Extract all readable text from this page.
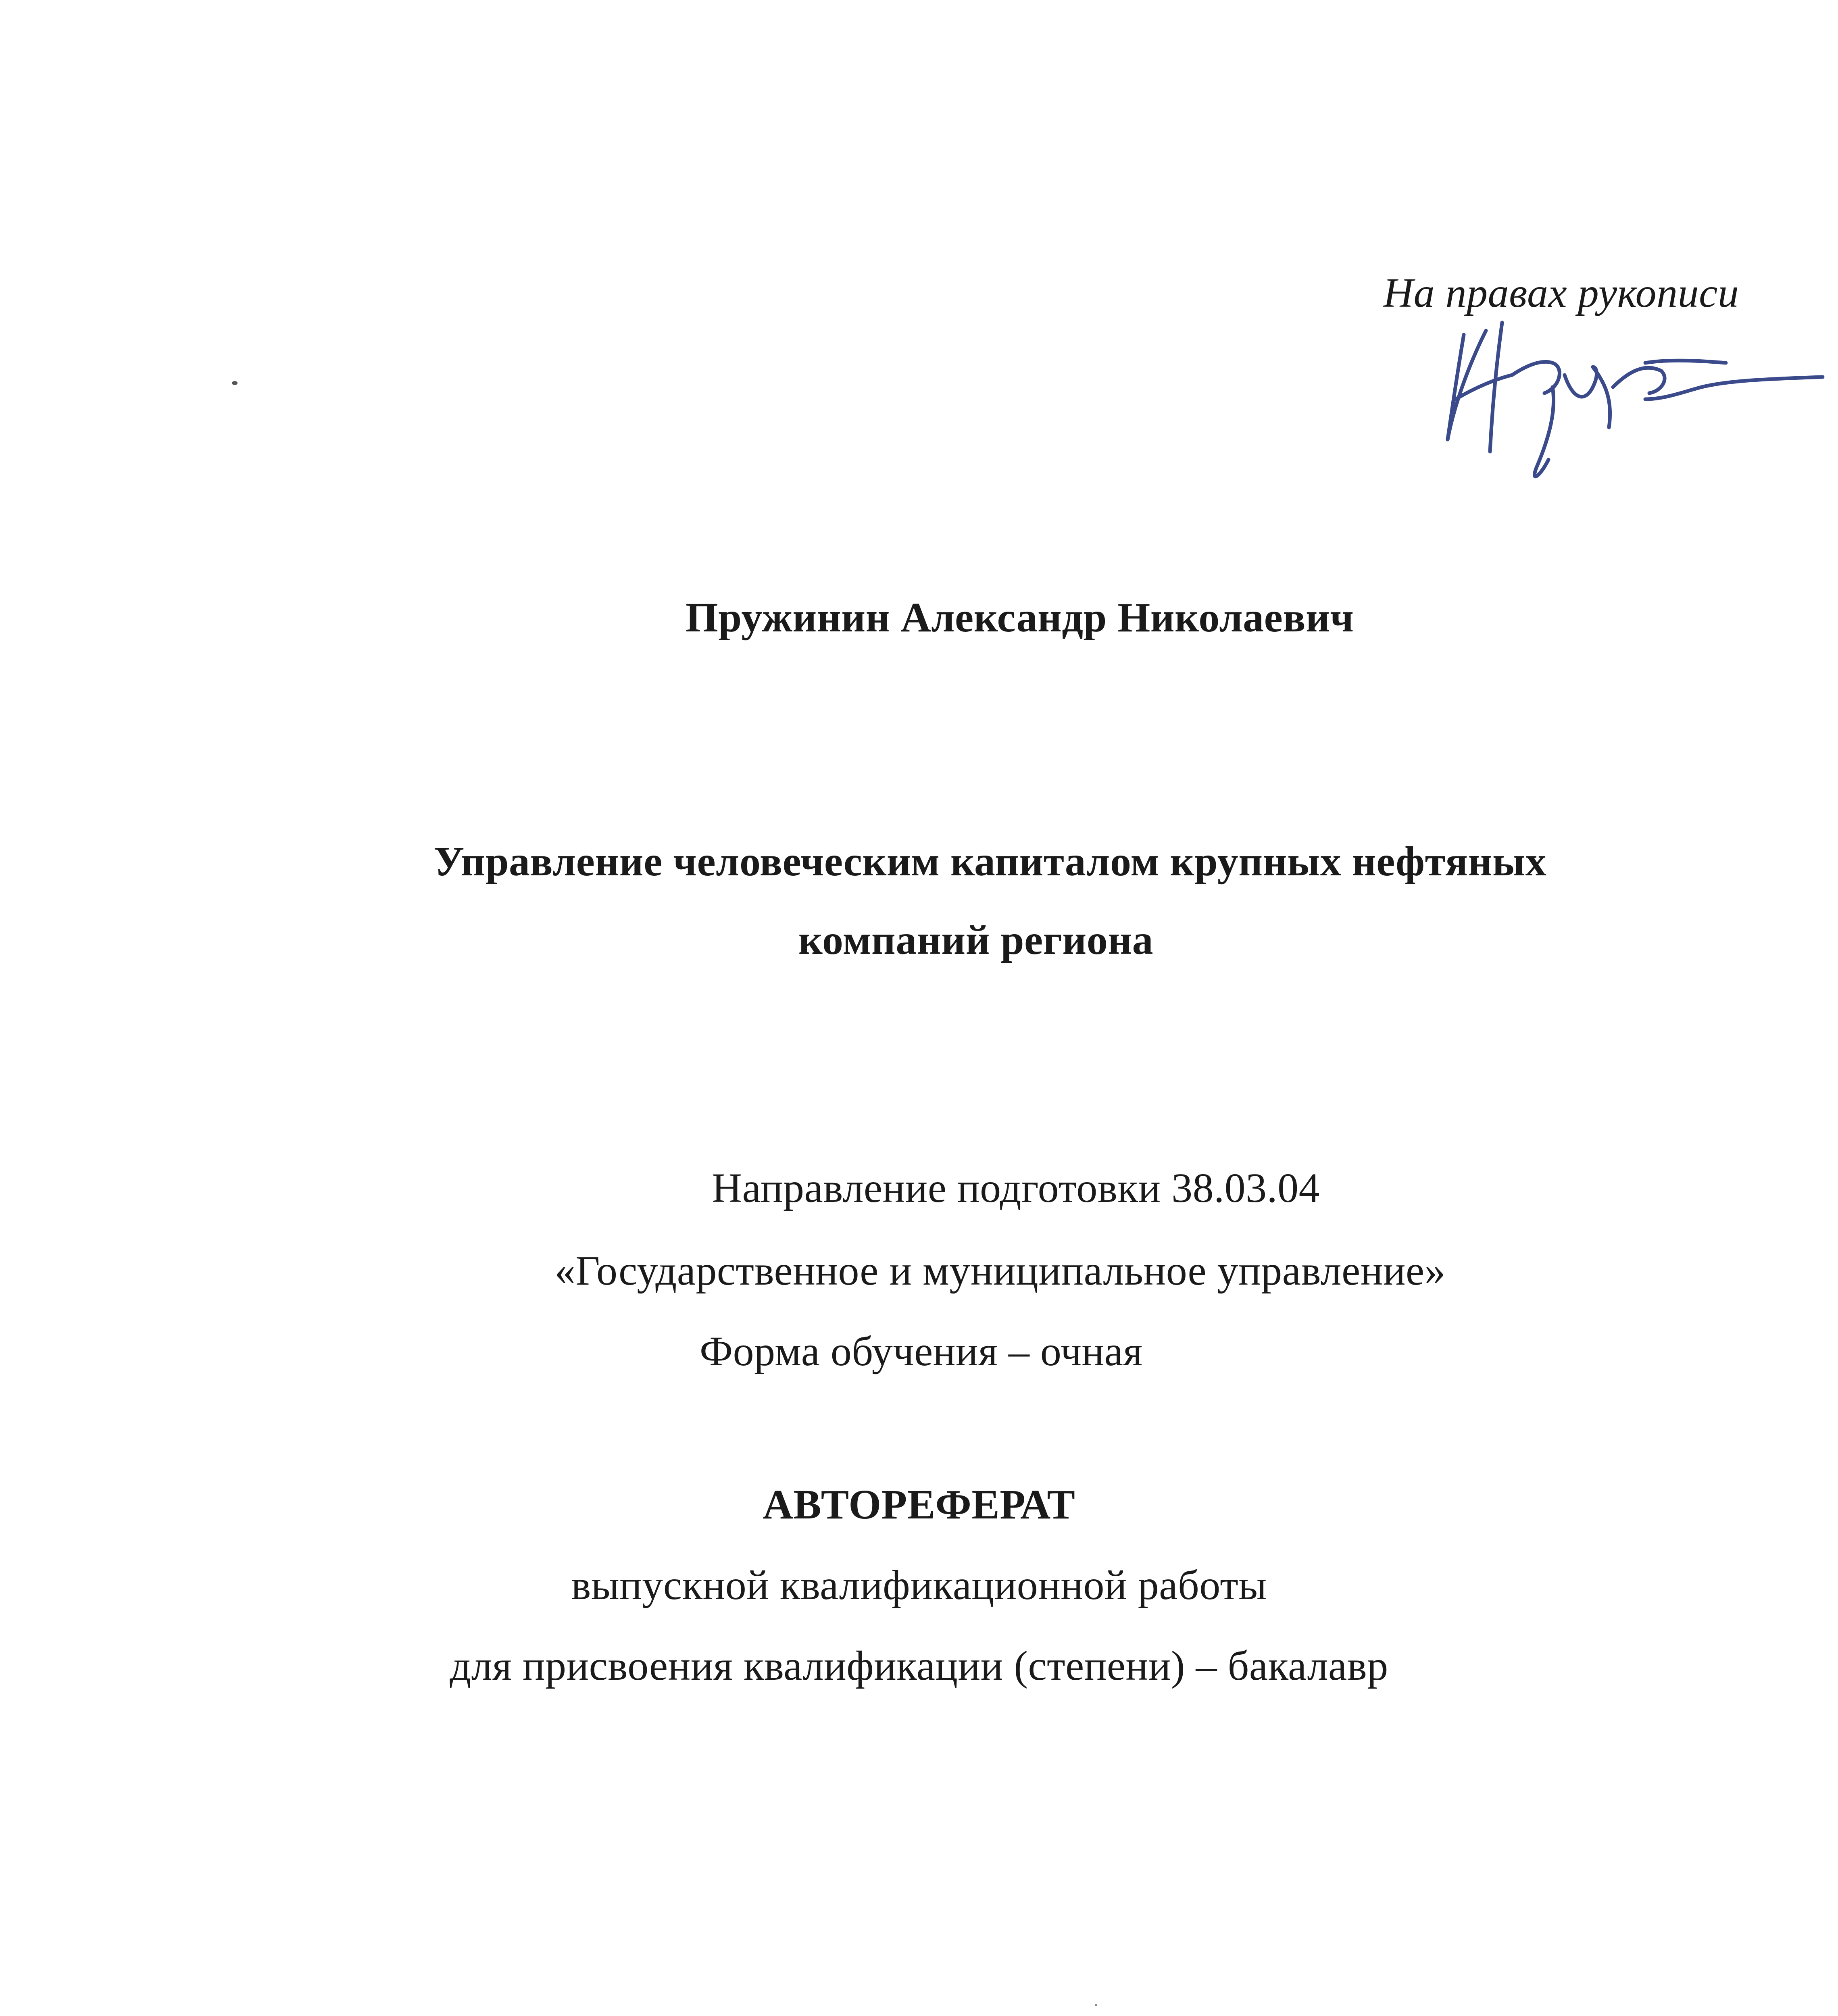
На правах рукописи
Пружинин Александр Николаевич
Управление человеческим капиталом крупных нефтяных
компаний региона
Направление подготовки 38.03.04
«Государственное и муниципальное управление»
Форма обучения – очная
АВТОРЕФЕРАТ
выпускной квалификационной работы
для присвоения квалификации (степени) – бакалавр
